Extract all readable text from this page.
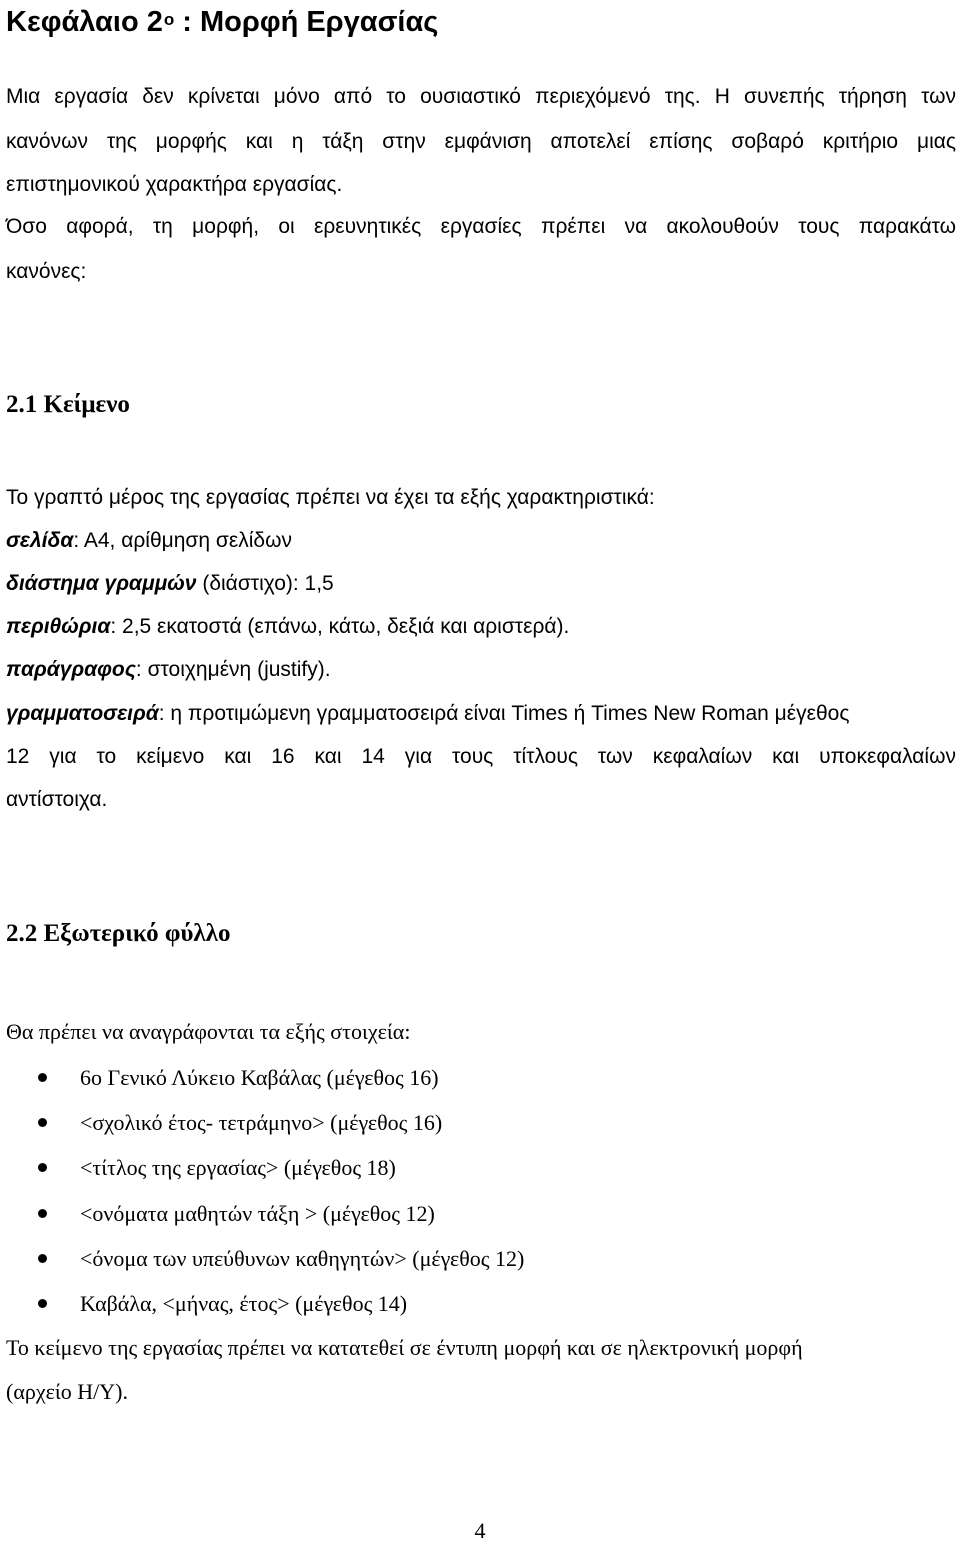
Κεφάλαιο $2^o$ : Μορφή Εργασίας
Μια εργασία δεν κρίνεται μόνο από το ουσιαστικό περιεχόμενό της. Η συνεπής τήρηση των
κανόνων της μορφής και η τάξη στην εμφάνιση αποτελεί επίσης σοβαρό κριτήριο μιας
επιστημονικού χαρακτήρα εργασίας.
Όσο αφορά, τη μορφή, οι ερευνητικές εργασίες πρέπει να ακολουθούν τους παρακάτω
κανόνες:
2.1 Κείμενο
Το γραπτό μέρος της εργασίας πρέπει να έχει τα εξής χαρακτηριστικά:
σελίδα: Α4, αρίθμηση σελίδων
διάστημα γραμμών (διάστιχο): 1,5
περιθώρια: 2,5 εκατοστά (επάνω, κάτω, δεξιά και αριστερά).
παράγραφος: στοιχημένη (justify).
γραμματοσειρά: η προτιμώμενη γραμματοσειρά είναι Times ή Times New Roman μέγεθος
12 για το κείμενο και 16 και 14 για τους τίτλους των κεφαλαίων και υποκεφαλαίων
αντίστοιχα.
2.2 Εξωτερικό φύλλο
Θα πρέπει να αναγράφονται τα εξής στοιχεία:
6ο Γενικό Λύκειο Καβάλας (μέγεθος 16)
<σχολικό έτος- τετράμηνο> (μέγεθος 16)
<τίτλος της εργασίας> (μέγεθος 18)
<ονόματα μαθητών τάξη > (μέγεθος 12)
<όνομα των υπεύθυνων καθηγητών> (μέγεθος 12)
Καβάλα, <μήνας, έτος> (μέγεθος 14)
Το κείμενο της εργασίας πρέπει να κατατεθεί σε έντυπη μορφή και σε ηλεκτρονική μορφή
(αρχείο Η/Υ).
4
